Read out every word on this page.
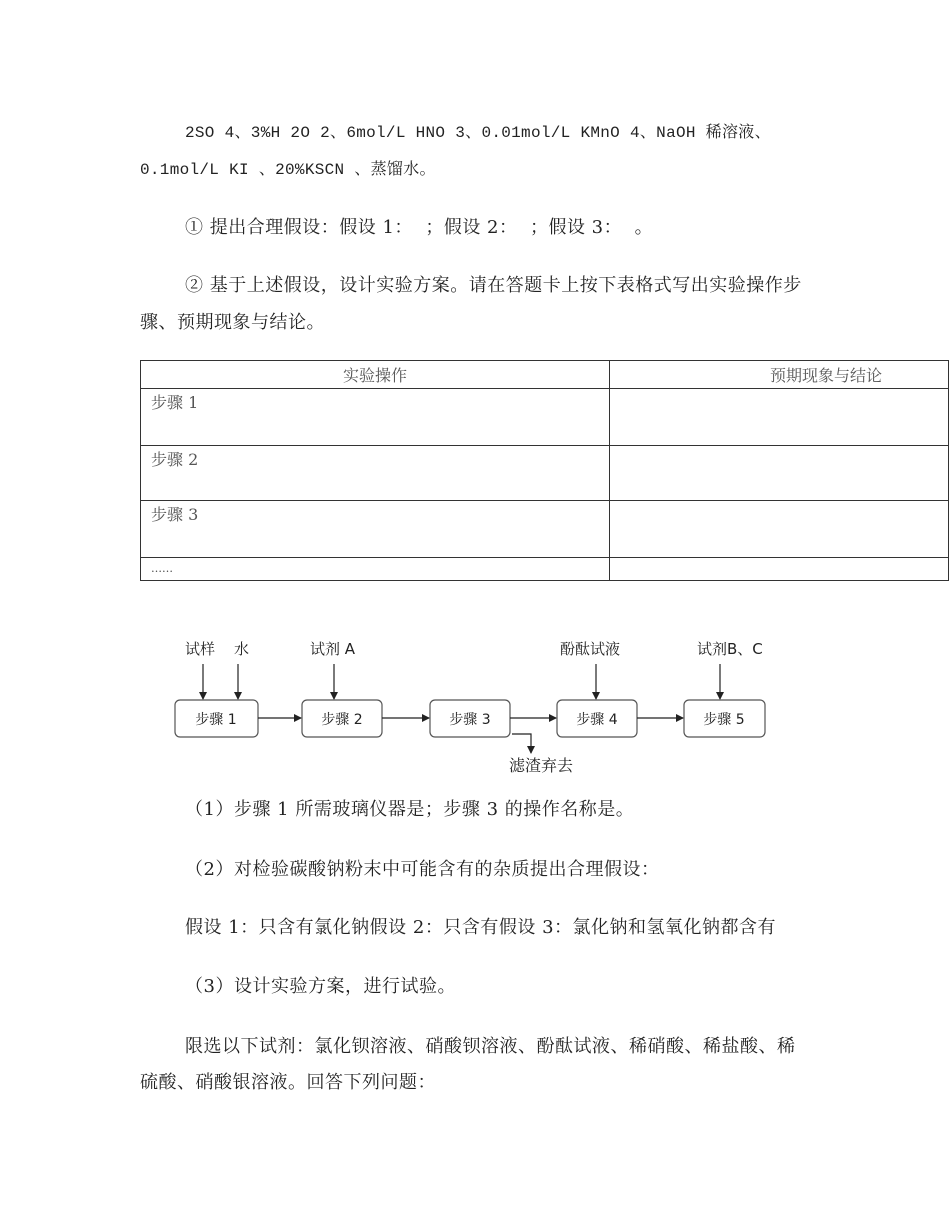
2SO 4、3%H 2O 2、6mol/L HNO 3、0.01mol/L KMnO 4、NaOH 稀溶液、

0.1mol/L KI 、20%KSCN 、蒸馏水。

① 提出合理假设：假设 1：  ；假设 2：  ；假设 3：  。

② 基于上述假设，设计实验方案。请在答题卡上按下表格式写出实验操作步

骤、预期现象与结论。

实验操作	预期现象与结论
步骤 1	
步骤 2	
步骤 3	
……	
试样 水	试剂 A	酚酞试液	试剂B、C
步骤 1	步骤 2	步骤 3	步骤 4	步骤 5
滤渣弃去

（1）步骤 1 所需玻璃仪器是；步骤 3 的操作名称是。

（2）对检验碳酸钠粉末中可能含有的杂质提出合理假设：

假设 1：只含有氯化钠假设 2：只含有假设 3：氯化钠和氢氧化钠都含有

（3）设计实验方案，进行试验。

限选以下试剂：氯化钡溶液、硝酸钡溶液、酚酞试液、稀硝酸、稀盐酸、稀

硫酸、硝酸银溶液。回答下列问题：
